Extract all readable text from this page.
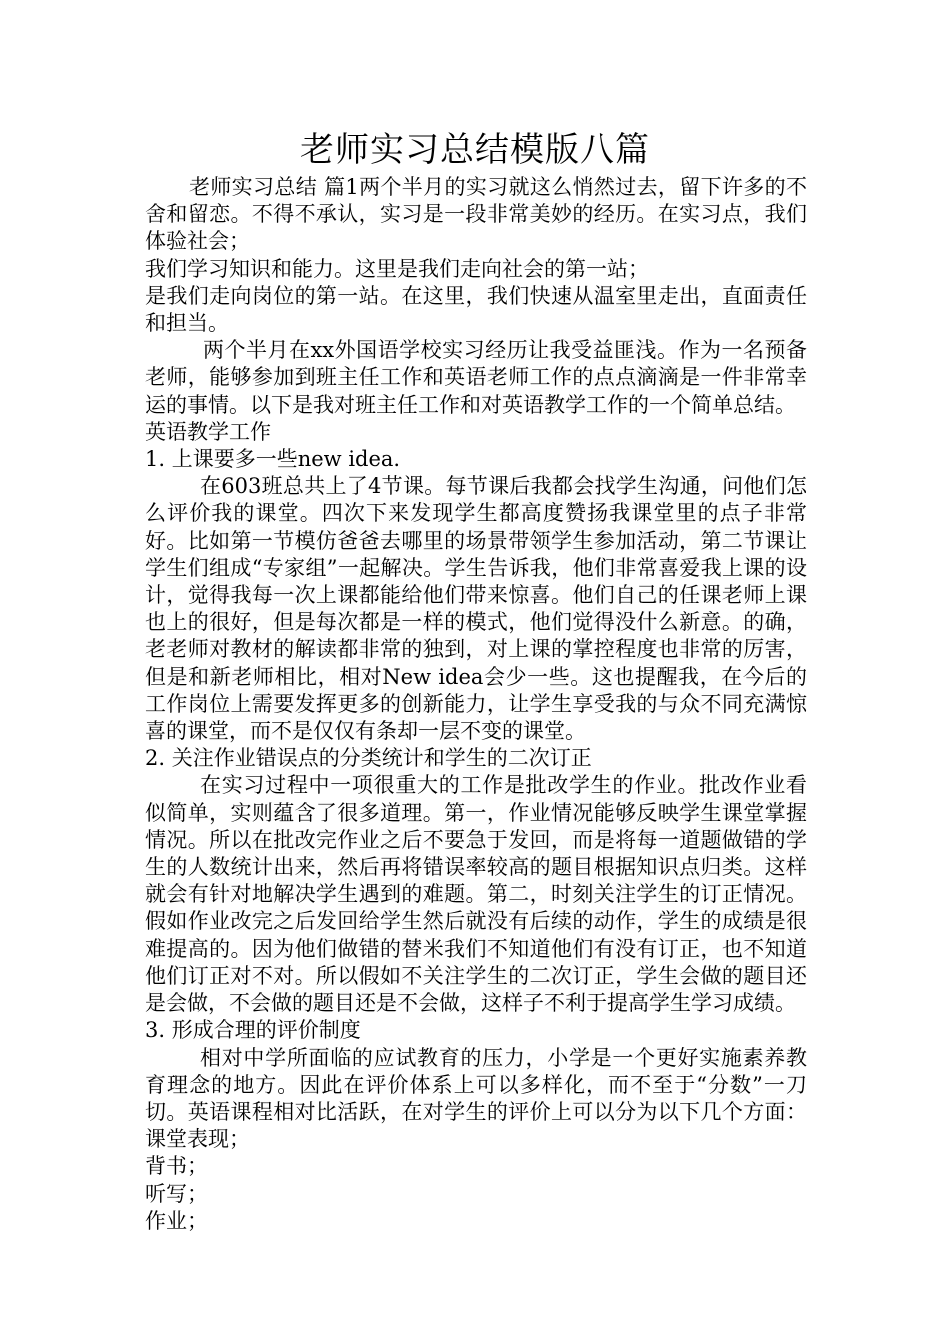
老师实习总结模版八篇

老师实习总结 篇1两个半月的实习就这么悄然过去，留下许多的不舍和留恋。不得不承认，实习是一段非常美妙的经历。在实习点，我们体验社会；

我们学习知识和能力。这里是我们走向社会的第一站；

是我们走向岗位的第一站。在这里，我们快速从温室里走出，直面责任和担当。

两个半月在xx外国语学校实习经历让我受益匪浅。作为一名预备老师，能够参加到班主任工作和英语老师工作的点点滴滴是一件非常幸运的事情。以下是我对班主任工作和对英语教学工作的一个简单总结。

英语教学工作

1. 上课要多一些new idea.

在603班总共上了4节课。每节课后我都会找学生沟通，问他们怎么评价我的课堂。四次下来发现学生都高度赞扬我课堂里的点子非常好。比如第一节模仿爸爸去哪里的场景带领学生参加活动，第二节课让学生们组成“专家组”一起解决。学生告诉我，他们非常喜爱我上课的设计，觉得我每一次上课都能给他们带来惊喜。他们自己的任课老师上课也上的很好，但是每次都是一样的模式，他们觉得没什么新意。的确，老老师对教材的解读都非常的独到，对上课的掌控程度也非常的厉害，但是和新老师相比，相对New idea会少一些。这也提醒我，在今后的工作岗位上需要发挥更多的创新能力，让学生享受我的与众不同充满惊喜的课堂，而不是仅仅有条却一层不变的课堂。

2. 关注作业错误点的分类统计和学生的二次订正

在实习过程中一项很重大的工作是批改学生的作业。批改作业看似简单，实则蕴含了很多道理。第一，作业情况能够反映学生课堂掌握情况。所以在批改完作业之后不要急于发回，而是将每一道题做错的学生的人数统计出来，然后再将错误率较高的题目根据知识点归类。这样就会有针对地解决学生遇到的难题。第二，时刻关注学生的订正情况。假如作业改完之后发回给学生然后就没有后续的动作，学生的成绩是很难提高的。因为他们做错的替米我们不知道他们有没有订正，也不知道他们订正对不对。所以假如不关注学生的二次订正，学生会做的题目还是会做，不会做的题目还是不会做，这样子不利于提高学生学习成绩。

3. 形成合理的评价制度

相对中学所面临的应试教育的压力，小学是一个更好实施素养教育理念的地方。因此在评价体系上可以多样化，而不至于“分数”一刀切。英语课程相对比活跃，在对学生的评价上可以分为以下几个方面：课堂表现；

背书；

听写；

作业；
